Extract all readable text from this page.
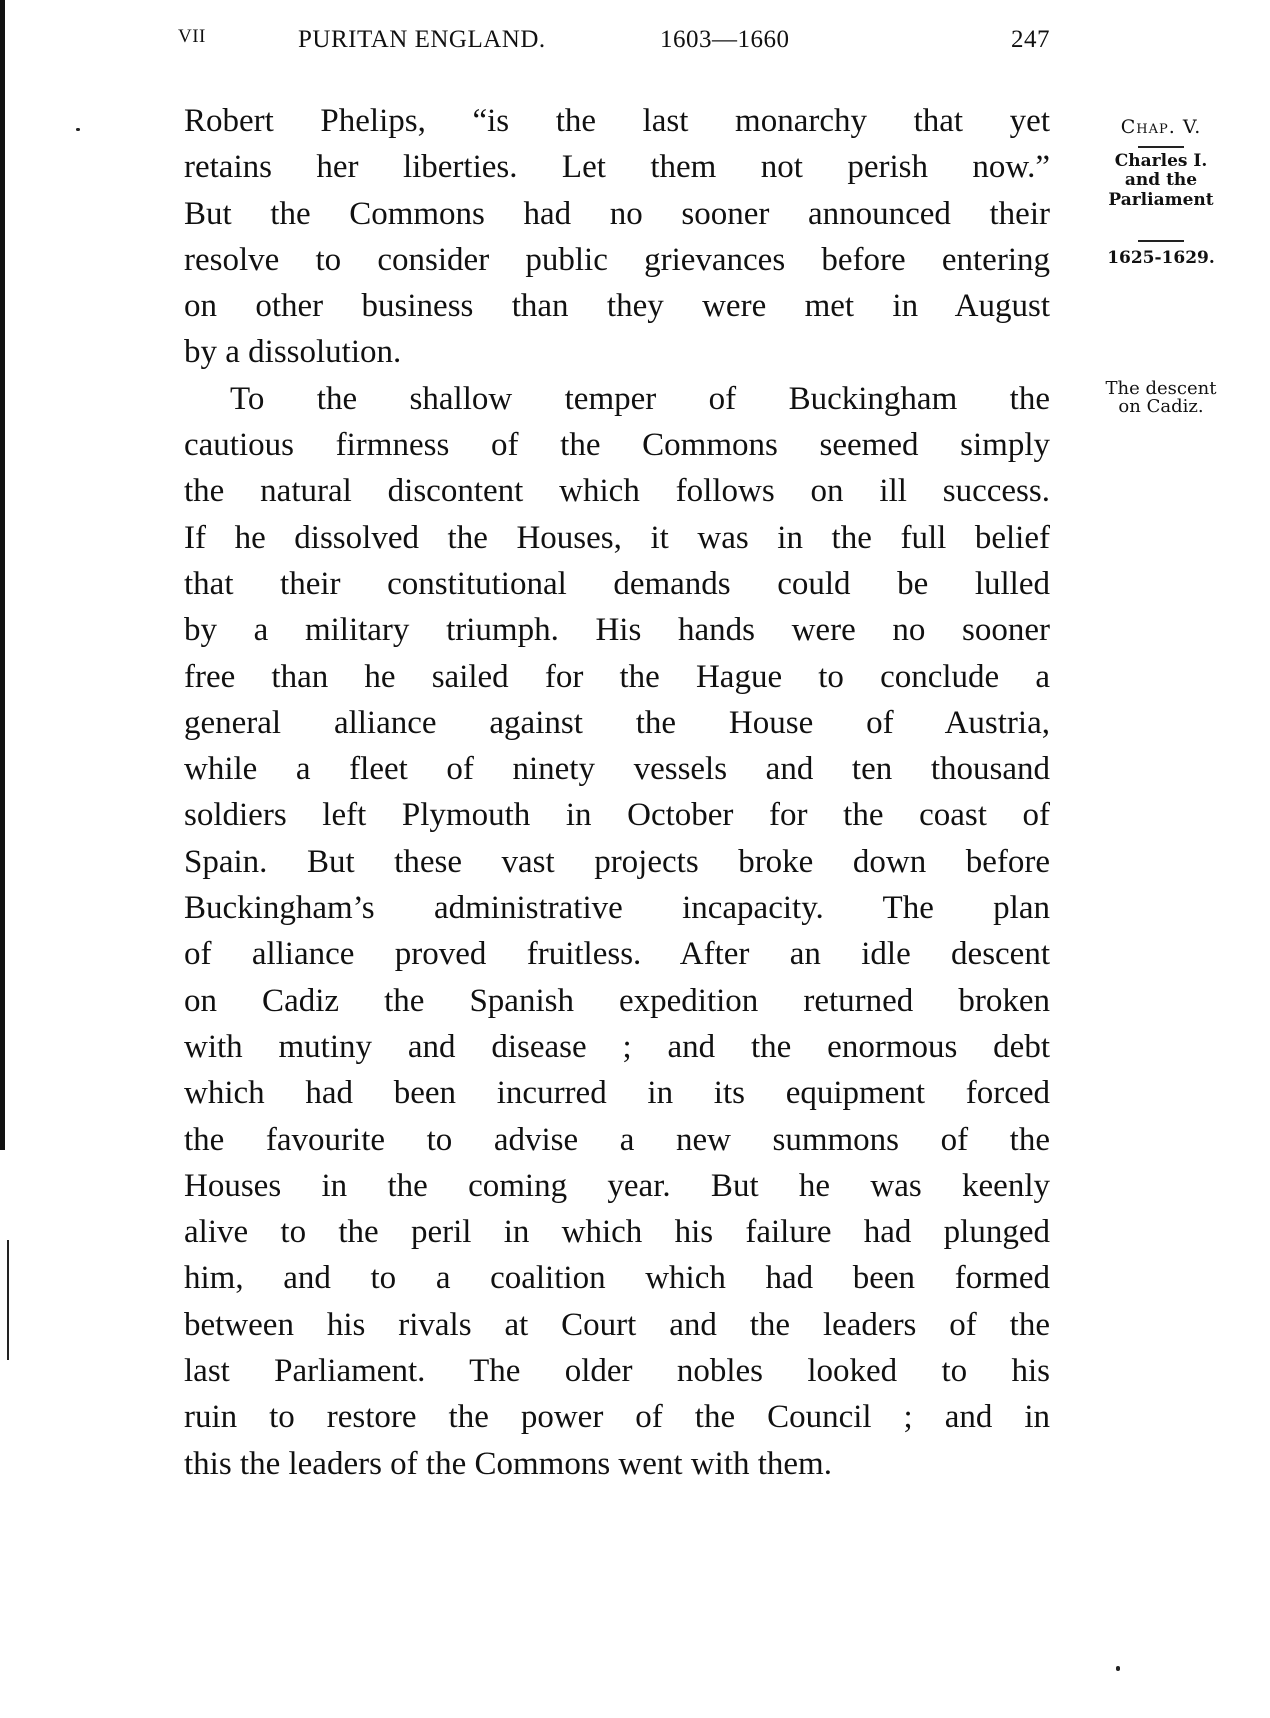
VII	PURITAN ENGLAND.	1603—1660	247
Robert Phelips, “is the last monarchy that yet
retains her liberties. Let them not perish now.”
But the Commons had no sooner announced their
resolve to consider public grievances before entering
on other business than they were met in August
by a dissolution.
To the shallow temper of Buckingham the
cautious firmness of the Commons seemed simply
the natural discontent which follows on ill success.
If he dissolved the Houses, it was in the full belief
that their constitutional demands could be lulled
by a military triumph. His hands were no sooner
free than he sailed for the Hague to conclude a
general alliance against the House of Austria,
while a fleet of ninety vessels and ten thousand
soldiers left Plymouth in October for the coast of
Spain. But these vast projects broke down before
Buckingham’s administrative incapacity. The plan
of alliance proved fruitless. After an idle descent
on Cadiz the Spanish expedition returned broken
with mutiny and disease ; and the enormous debt
which had been incurred in its equipment forced
the favourite to advise a new summons of the
Houses in the coming year. But he was keenly
alive to the peril in which his failure had plunged
him, and to a coalition which had been formed
between his rivals at Court and the leaders of the
last Parliament. The older nobles looked to his
ruin to restore the power of the Council ; and in
this the leaders of the Commons went with them.
Chap. V.
Charles I.
and the
Parliament
1625-1629.
The descent
on Cadiz.
